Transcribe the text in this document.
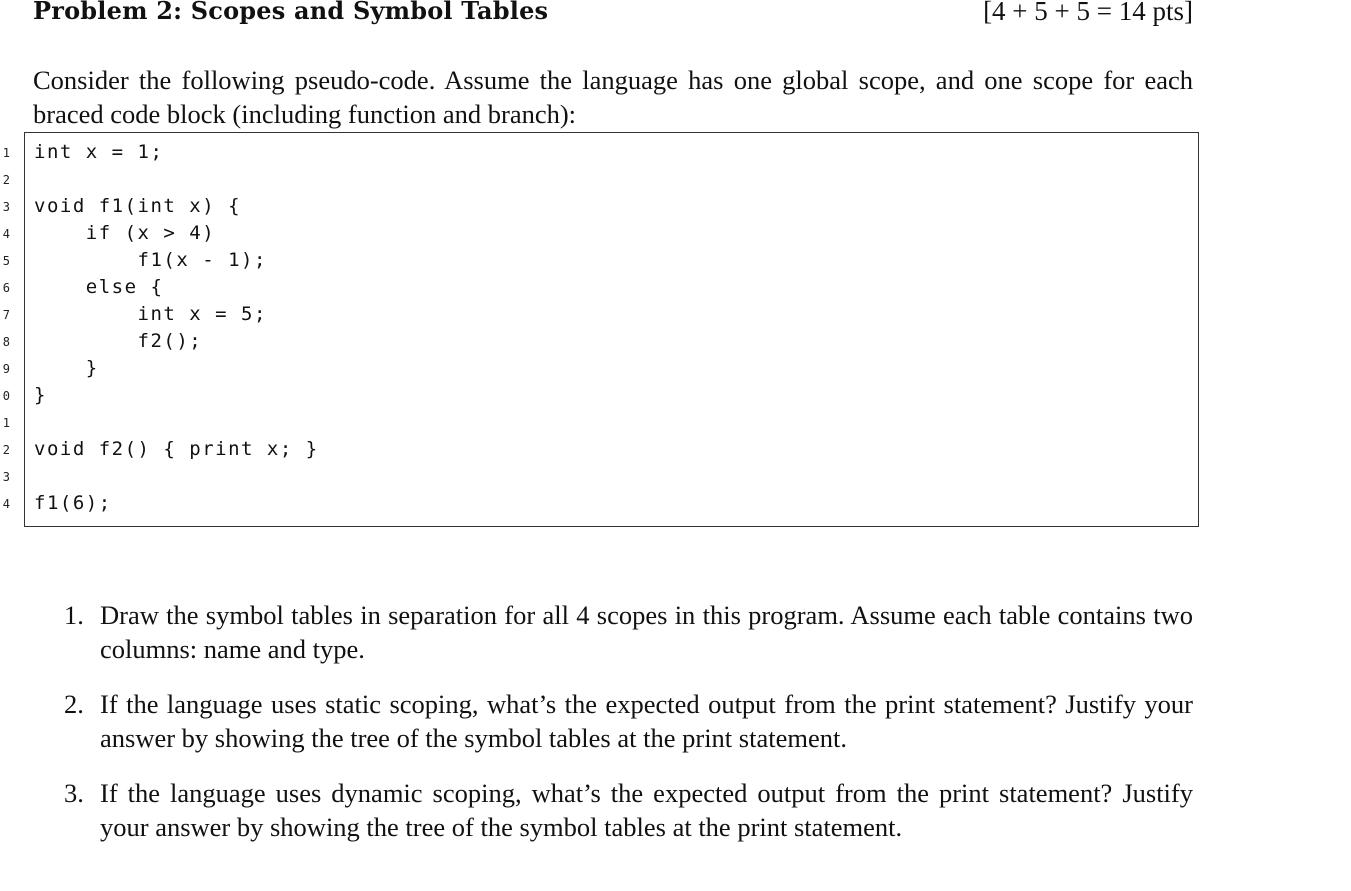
Problem 2: Scopes and Symbol Tables	[4 + 5 + 5 = 14 pts]

Consider the following pseudo-code. Assume the language has one global scope, and one scope for each braced code block (including function and branch):

1
2
3
4
5
6
7
8
9
0
1
2
3
4
int x = 1;
void f1(int x) {
if (x > 4)
f1(x - 1);
else {
int x = 5;
f2();
}
}
void f2() { print x; }
f1(6);
1. Draw the symbol tables in separation for all 4 scopes in this program. Assume each table contains two columns: name and type.
2. If the language uses static scoping, what’s the expected output from the print statement? Justify your answer by showing the tree of the symbol tables at the print statement.
3. If the language uses dynamic scoping, what’s the expected output from the print statement? Justify your answer by showing the tree of the symbol tables at the print statement.
